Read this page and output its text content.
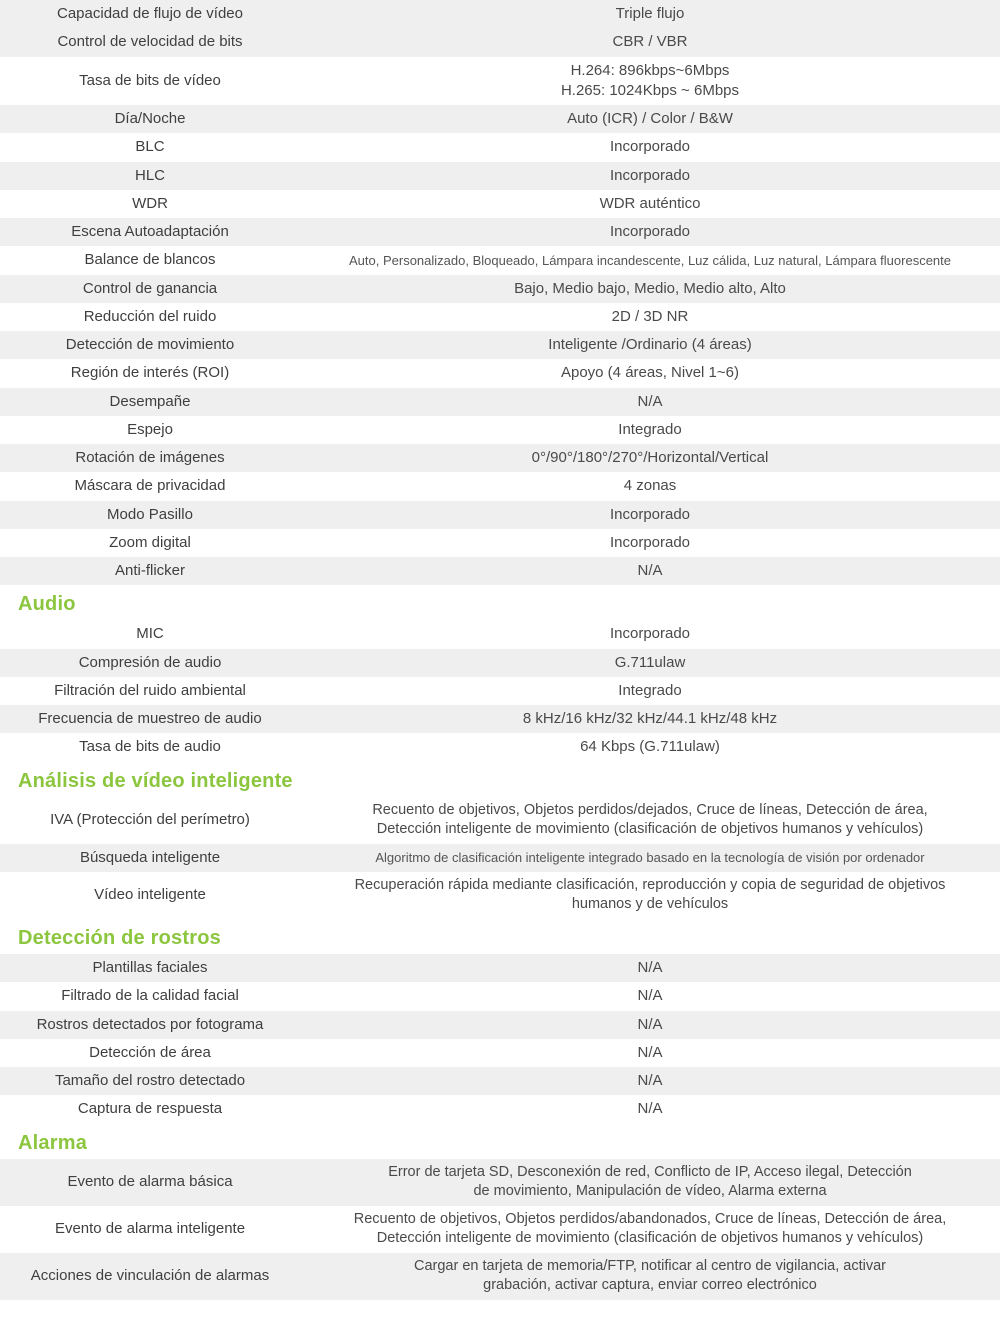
Capacidad de flujo de vídeo	Triple flujo

Control de velocidad de bits	CBR / VBR

Tasa de bits de vídeo	H.264: 896kbps~6Mbps
H.265: 1024Kbps ~ 6Mbps

Día/Noche	Auto (ICR) / Color / B&W

BLC	Incorporado

HLC	Incorporado

WDR	WDR auténtico

Escena Autoadaptación	Incorporado

Balance de blancos	Auto, Personalizado, Bloqueado, Lámpara incandescente, Luz cálida, Luz natural, Lámpara fluorescente

Control de ganancia	Bajo, Medio bajo, Medio, Medio alto, Alto

Reducción del ruido	2D / 3D NR

Detección de movimiento	Inteligente /Ordinario (4 áreas)

Región de interés (ROI)	Apoyo (4 áreas, Nivel 1~6)

Desempañe	N/A

Espejo	Integrado

Rotación de imágenes	0°/90°/180°/270°/Horizontal/Vertical

Máscara de privacidad	4 zonas

Modo Pasillo	Incorporado

Zoom digital	Incorporado

Anti-flicker	N/A

Audio	
MIC	Incorporado

Compresión de audio	G.711ulaw

Filtración del ruido ambiental	Integrado

Frecuencia de muestreo de audio	8 kHz/16 kHz/32 kHz/44.1 kHz/48 kHz

Tasa de bits de audio	64 Kbps (G.711ulaw)

Análisis de vídeo inteligente	
IVA (Protección del perímetro)	Recuento de objetivos, Objetos perdidos/dejados, Cruce de líneas, Detección de área,
Detección inteligente de movimiento (clasificación de objetivos humanos y vehículos)

Búsqueda inteligente	Algoritmo de clasificación inteligente integrado basado en la tecnología de visión por ordenador

Vídeo inteligente	Recuperación rápida mediante clasificación, reproducción y copia de seguridad de objetivos
humanos y de vehículos

Detección de rostros	
Plantillas faciales	N/A

Filtrado de la calidad facial	N/A

Rostros detectados por fotograma	N/A

Detección de área	N/A

Tamaño del rostro detectado	N/A

Captura de respuesta	N/A

Alarma	
Evento de alarma básica	Error de tarjeta SD, Desconexión de red, Conflicto de IP, Acceso ilegal, Detección
de movimiento, Manipulación de vídeo, Alarma externa

Evento de alarma inteligente	Recuento de objetivos, Objetos perdidos/abandonados, Cruce de líneas, Detección de área,
Detección inteligente de movimiento (clasificación de objetivos humanos y vehículos)

Acciones de vinculación de alarmas	Cargar en tarjeta de memoria/FTP, notificar al centro de vigilancia, activar
grabación, activar captura, enviar correo electrónico
